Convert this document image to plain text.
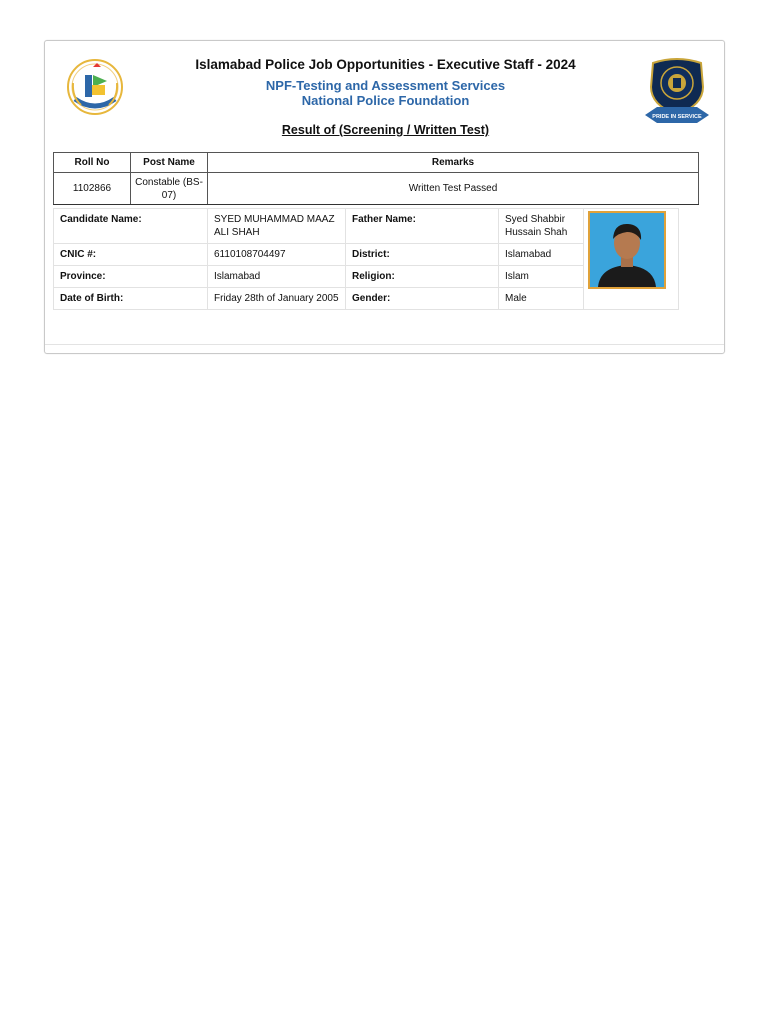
PRIDE IN SERVICE
Islamabad Police Job Opportunities - Executive Staff - 2024
NPF-Testing and Assessment Services
National Police Foundation
Result of (Screening / Written Test)
Roll No	Post Name	Remarks
1102866	Constable (BS-07)	Written Test Passed
Candidate Name:	SYED MUHAMMAD MAAZ ALI SHAH	Father Name:	Syed Shabbir Hussain Shah	

CNIC #:	6110108704497	District:	Islamabad	
Province:	Islamabad	Religion:	Islam	
Date of Birth:	Friday 28th of January 2005	Gender:	Male	
